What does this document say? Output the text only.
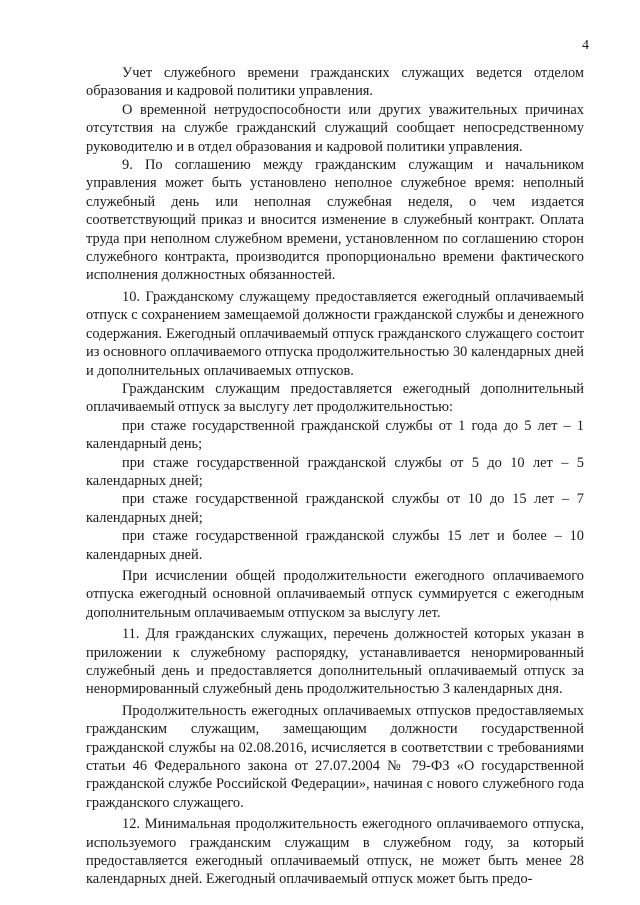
4

Учет служебного времени гражданских служащих ведется отделом образования и кадровой политики управления.

О временной нетрудоспособности или других уважительных причинах отсутствия на службе гражданский служащий сообщает непосредственному руководителю и в отдел образования и кадровой политики управления.

9. По соглашению между гражданским служащим и начальником управления может быть установлено неполное служебное время: неполный служебный день или неполная служебная неделя, о чем издается соответствующий приказ и вносится изменение в служебный контракт. Оплата труда при неполном служебном времени, установленном по соглашению сторон служебного контракта, производится пропорционально времени фактического исполнения должностных обязанностей.

10. Гражданскому служащему предоставляется ежегодный оплачиваемый отпуск с сохранением замещаемой должности гражданской службы и денежного содержания. Ежегодный оплачиваемый отпуск гражданского служащего состоит из основного оплачиваемого отпуска продолжительностью 30 календарных дней и дополнительных оплачиваемых отпусков.

Гражданским служащим предоставляется ежегодный дополнительный оплачиваемый отпуск за выслугу лет продолжительностью:

при стаже государственной гражданской службы от 1 года до 5 лет – 1 календарный день;

при стаже государственной гражданской службы от 5 до 10 лет – 5 календарных дней;

при стаже государственной гражданской службы от 10 до 15 лет – 7 календарных дней;

при стаже государственной гражданской службы 15 лет и более – 10 календарных дней.

При исчислении общей продолжительности ежегодного оплачиваемого отпуска ежегодный основной оплачиваемый отпуск суммируется с ежегодным дополнительным оплачиваемым отпуском за выслугу лет.

11. Для гражданских служащих, перечень должностей которых указан в приложении к служебному распорядку, устанавливается ненормированный служебный день и предоставляется дополнительный оплачиваемый отпуск за ненормированный служебный день продолжительностью 3 календарных дня.

Продолжительность ежегодных оплачиваемых отпусков предоставляемых гражданским служащим, замещающим должности государственной гражданской службы на 02.08.2016, исчисляется в соответствии с требованиями статьи 46 Федерального закона от 27.07.2004 № 79-ФЗ «О государственной гражданской службе Российской Федерации», начиная с нового служебного года гражданского служащего.

12. Минимальная продолжительность ежегодного оплачиваемого отпуска, используемого гражданским служащим в служебном году, за который предоставляется ежегодный оплачиваемый отпуск, не может быть менее 28 календарных дней. Ежегодный оплачиваемый отпуск может быть предо-
